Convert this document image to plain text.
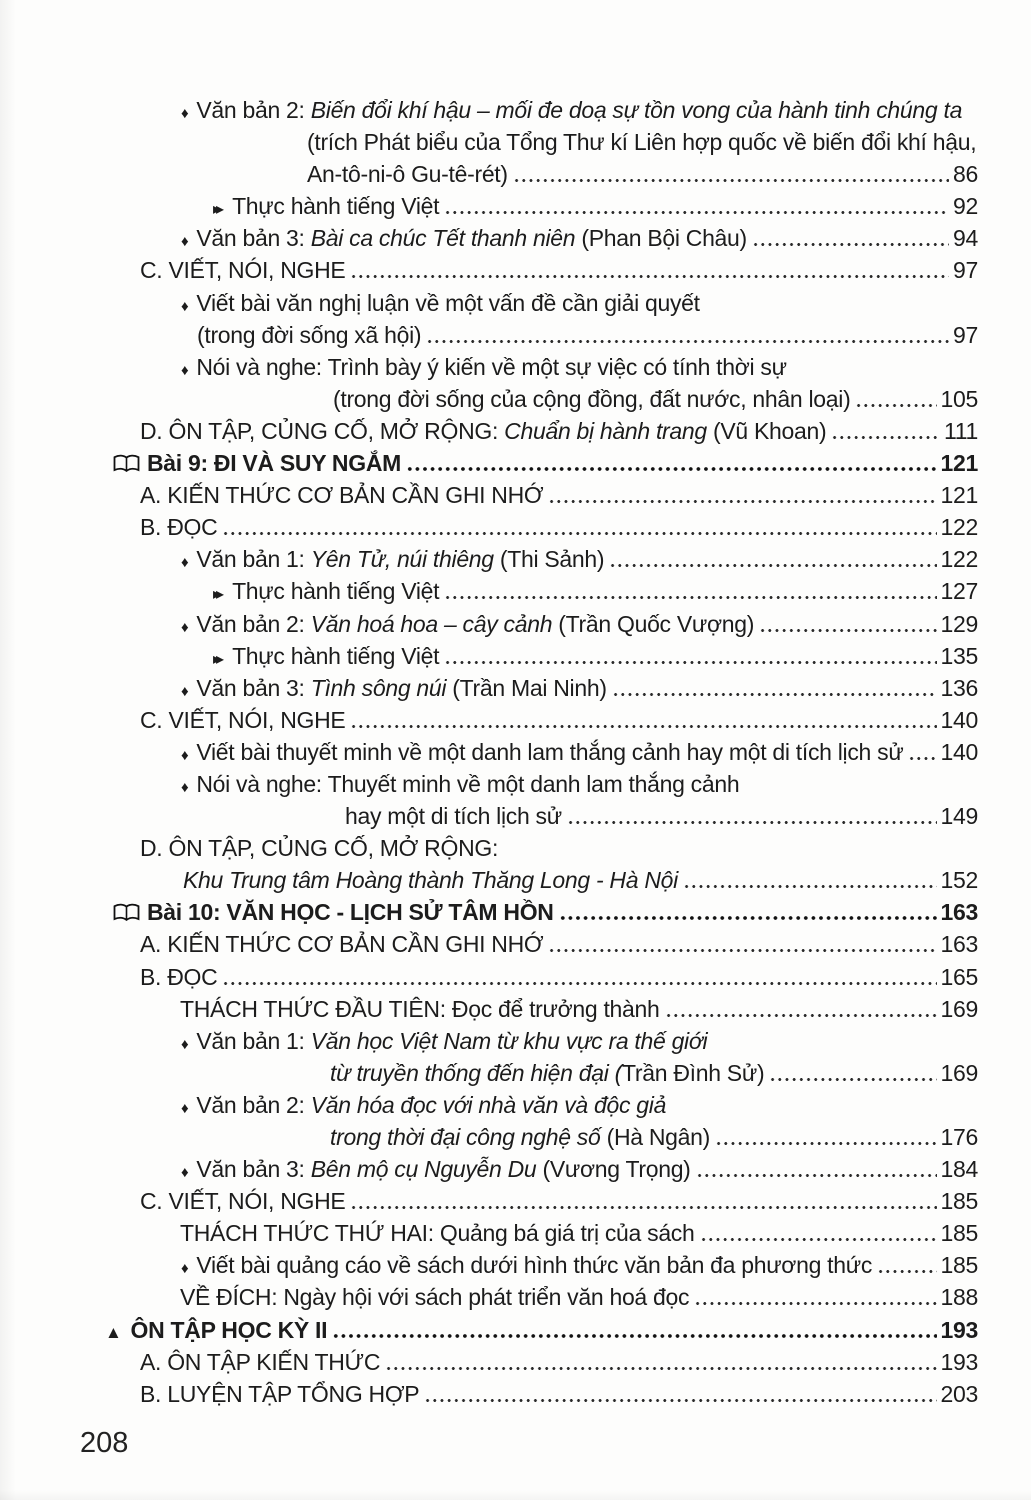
♦ Văn bản 2: Biến đổi khí hậu – mối đe doạ sự tồn vong của hành tinh chúng ta
(trích Phát biểu của Tổng Thư kí Liên hợp quốc về biến đổi khí hậu,
An-tô-ni-ô Gu-tê-rét)	86
▸▸ Thực hành tiếng Việt	92
♦ Văn bản 3: Bài ca chúc Tết thanh niên (Phan Bội Châu)	94
C. VIẾT, NÓI, NGHE	97
♦ Viết bài văn nghị luận về một vấn đề cần giải quyết
(trong đời sống xã hội)	97
♦ Nói và nghe: Trình bày ý kiến về một sự việc có tính thời sự
(trong đời sống của cộng đồng, đất nước, nhân loại)	105
D. ÔN TẬP, CỦNG CỐ, MỞ RỘNG: Chuẩn bị hành trang (Vũ Khoan)	111
Bài 9: ĐI VÀ SUY NGẮM	121
A. KIẾN THỨC CƠ BẢN CẦN GHI NHỚ	121
B. ĐỌC	122
♦ Văn bản 1: Yên Tử, núi thiêng (Thi Sảnh)	122
▸▸ Thực hành tiếng Việt	127
♦ Văn bản 2: Văn hoá hoa – cây cảnh (Trần Quốc Vượng)	129
▸▸ Thực hành tiếng Việt	135
♦ Văn bản 3: Tình sông núi (Trần Mai Ninh)	136
C. VIẾT, NÓI, NGHE	140
♦ Viết bài thuyết minh về một danh lam thắng cảnh hay một di tích lịch sử 140
♦ Nói và nghe: Thuyết minh về một danh lam thắng cảnh
hay một di tích lịch sử	149
D. ÔN TẬP, CỦNG CỐ, MỞ RỘNG:
Khu Trung tâm Hoàng thành Thăng Long - Hà Nội	152
Bài 10: VĂN HỌC - LỊCH SỬ TÂM HỒN	163
A. KIẾN THỨC CƠ BẢN CẦN GHI NHỚ	163
B. ĐỌC	165
THÁCH THỨC ĐẦU TIÊN: Đọc để trưởng thành	169
♦ Văn bản 1: Văn học Việt Nam từ khu vực ra thế giới
từ truyền thống đến hiện đại (Trần Đình Sử)	169
♦ Văn bản 2: Văn hóa đọc với nhà văn và độc giả
trong thời đại công nghệ số (Hà Ngân)	176
♦ Văn bản 3: Bên mộ cụ Nguyễn Du (Vương Trọng)	184
C. VIẾT, NÓI, NGHE	185
THÁCH THỨC THỨ HAI: Quảng bá giá trị của sách	185
♦ Viết bài quảng cáo về sách dưới hình thức văn bản đa phương thức	185
VỀ ĐÍCH: Ngày hội với sách phát triển văn hoá đọc	188
▲ ÔN TẬP HỌC KỲ II	193
A. ÔN TẬP KIẾN THỨC	193
B. LUYỆN TẬP TỔNG HỢP	203
208
